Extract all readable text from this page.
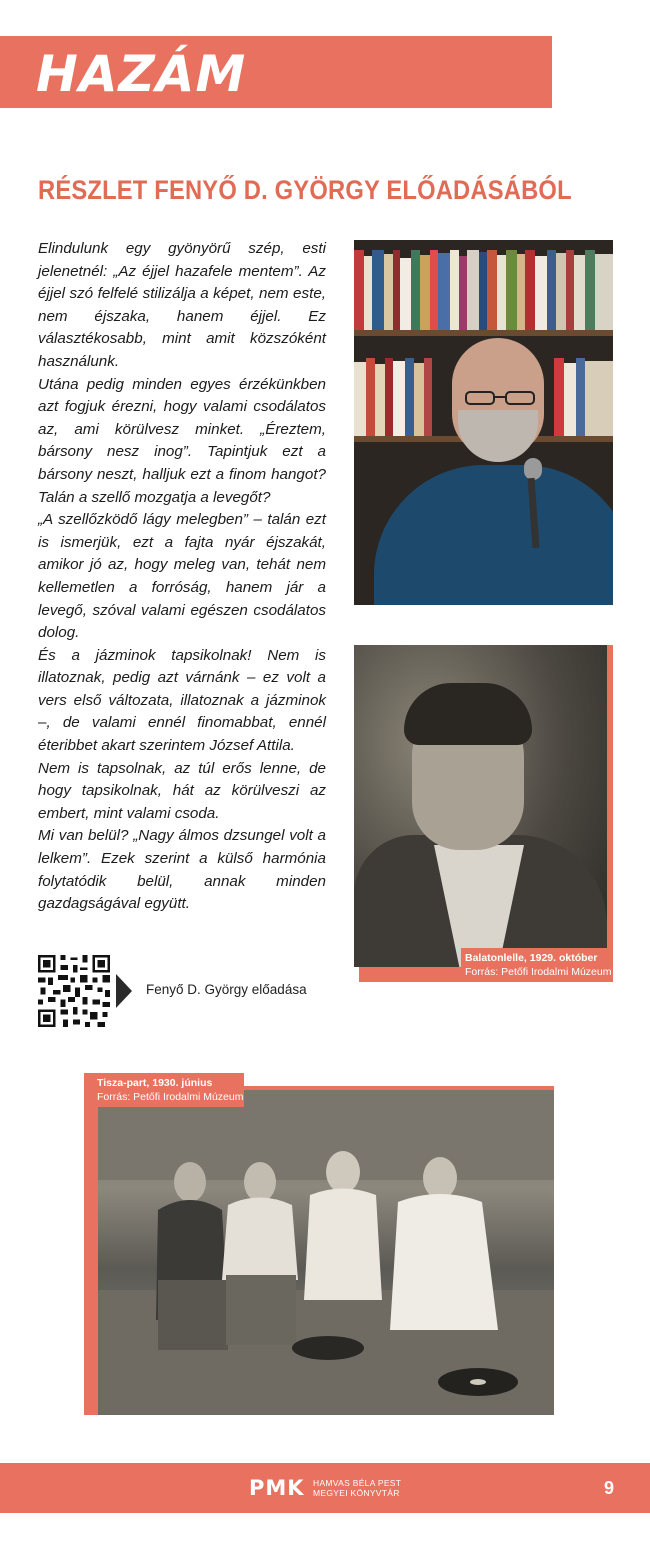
HAZÁM
RÉSZLET FENYŐ D. GYÖRGY ELŐADÁSÁBÓL

Elindulunk egy gyönyörű szép, esti jelenetnél: „Az éjjel hazafele mentem”. Az éjjel szó felfelé stilizálja a képet, nem este, nem éjszaka, hanem éjjel. Ez választékosabb, mint amit közszóként használunk.

Utána pedig minden egyes érzékünkben azt fogjuk érezni, hogy valami csodálatos az, ami körülvesz minket. „Éreztem, bársony nesz inog”. Tapintjuk ezt a bársony neszt, halljuk ezt a finom hangot? Talán a szellő mozgatja a levegőt?

„A szellőzködő lágy melegben” – talán ezt is ismerjük, ezt a fajta nyár éjszakát, amikor jó az, hogy meleg van, tehát nem kellemetlen a forróság, hanem jár a levegő, szóval valami egészen csodálatos dolog.

És a jázminok tapsikolnak! Nem is illatoznak, pedig azt várnánk – ez volt a vers első változata, illatoznak a jázminok –, de valami ennél finomabbat, ennél éteribbet akart szerintem József Attila.

Nem is tapsolnak, az túl erős lenne, de hogy tapsikolnak, hát az körülveszi az embert, mint valami csoda.

Mi van belül? „Nagy álmos dzsungel volt a lelkem”. Ezek szerint a külső harmónia folytatódik belül, annak minden gazdagságával együtt.

Balatonlelle, 1929. október
Forrás: Petőfi Irodalmi Múzeum
Fenyő D. György előadása
Tisza-part, 1930. június
Forrás: Petőfi Irodalmi Múzeum
PMK HAMVAS BÉLA PEST
MEGYEI KÖNYVTÁR	9
